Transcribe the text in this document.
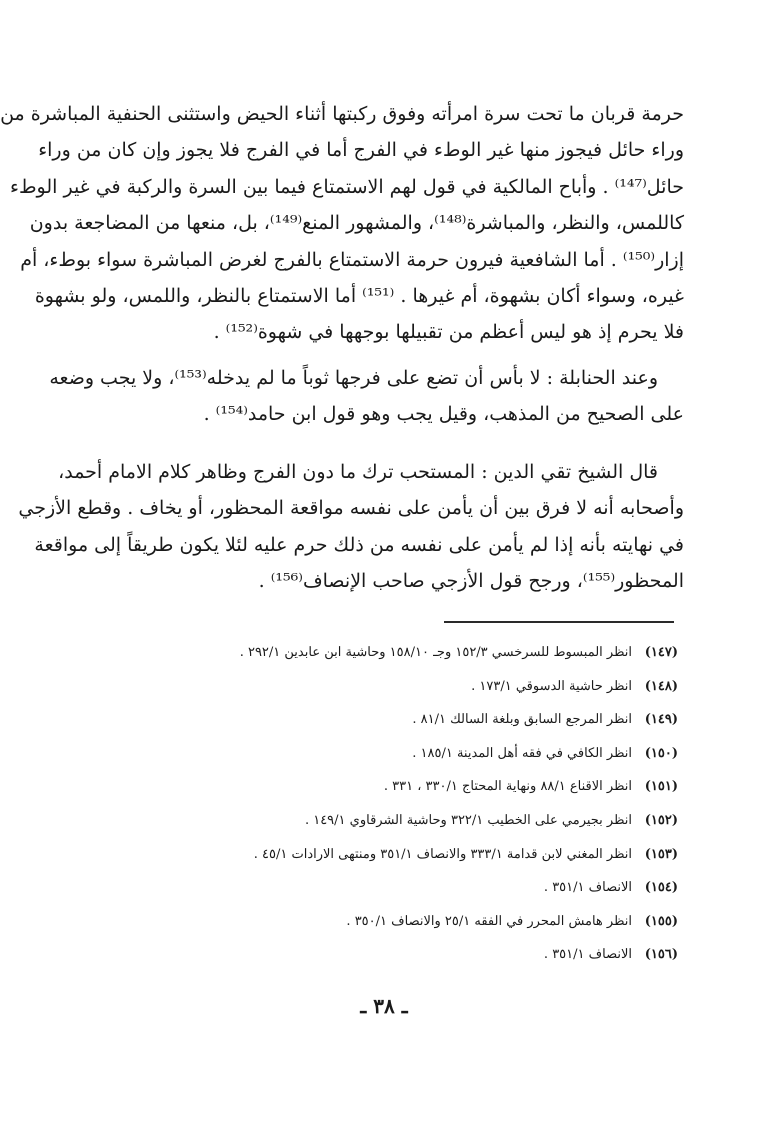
حرمة قربان ما تحت سرة امرأته وفوق ركبتها أثناء الحيض واستثنى الحنفية المباشرة من
وراء حائل فيجوز منها غير الوطء في الفرج أما في الفرج فلا يجوز وإن كان من وراء
حائل⁽¹⁴⁷⁾ . وأباح المالكية في قول لهم الاستمتاع فيما بين السرة والركبة في غير الوطء
كاللمس، والنظر، والمباشرة⁽¹⁴⁸⁾، والمشهور المنع⁽¹⁴⁹⁾، بل، منعها من المضاجعة بدون
إزار⁽¹⁵⁰⁾ . أما الشافعية فيرون حرمة الاستمتاع بالفرج لغرض المباشرة سواء بوطء، أم
غيره، وسواء أكان بشهوة، أم غيرها . ⁽¹⁵¹⁾ أما الاستمتاع بالنظر، واللمس، ولو بشهوة
فلا يحرم إذ هو ليس أعظم من تقبيلها بوجهها في شهوة⁽¹⁵²⁾ .
وعند الحنابلة : لا بأس أن تضع على فرجها ثوباً ما لم يدخله⁽¹⁵³⁾، ولا يجب وضعه
على الصحيح من المذهب، وقيل يجب وهو قول ابن حامد⁽¹⁵⁴⁾ .
قال الشيخ تقي الدين : المستحب ترك ما دون الفرج وظاهر كلام الامام أحمد،
وأصحابه أنه لا فرق بين أن يأمن على نفسه مواقعة المحظور، أو يخاف . وقطع الأزجي
في نهايته بأنه إذا لم يأمن على نفسه من ذلك حرم عليه لئلا يكون طريقاً إلى مواقعة
المحظور⁽¹⁵⁵⁾، ورجح قول الأزجي صاحب الإنصاف⁽¹⁵⁶⁾ .
(١٤٧)انظر المبسوط للسرخسي ١٥٢/٣ وجـ ١٥٨/١٠ وحاشية ابن عابدين ٢٩٢/١ .
(١٤٨)انظر حاشية الدسوقي ١٧٣/١ .
(١٤٩)انظر المرجع السابق وبلغة السالك ٨١/١ .
(١٥٠)انظر الكافي في فقه أهل المدينة ١٨٥/١ .
(١٥١)انظر الاقناع ٨٨/١ ونهاية المحتاج ٣٣٠/١ ، ٣٣١ .
(١٥٢)انظر بجيرمي على الخطيب ٣٢٢/١ وحاشية الشرقاوي ١٤٩/١ .
(١٥٣)انظر المغني لابن قدامة ٣٣٣/١ والانصاف ٣٥١/١ ومنتهى الارادات ٤٥/١ .
(١٥٤)الانصاف ٣٥١/١ .
(١٥٥)انظر هامش المحرر في الفقه ٢٥/١ والانصاف ٣٥٠/١ .
(١٥٦)الانصاف ٣٥١/١ .
ـ ٣٨ ـ
